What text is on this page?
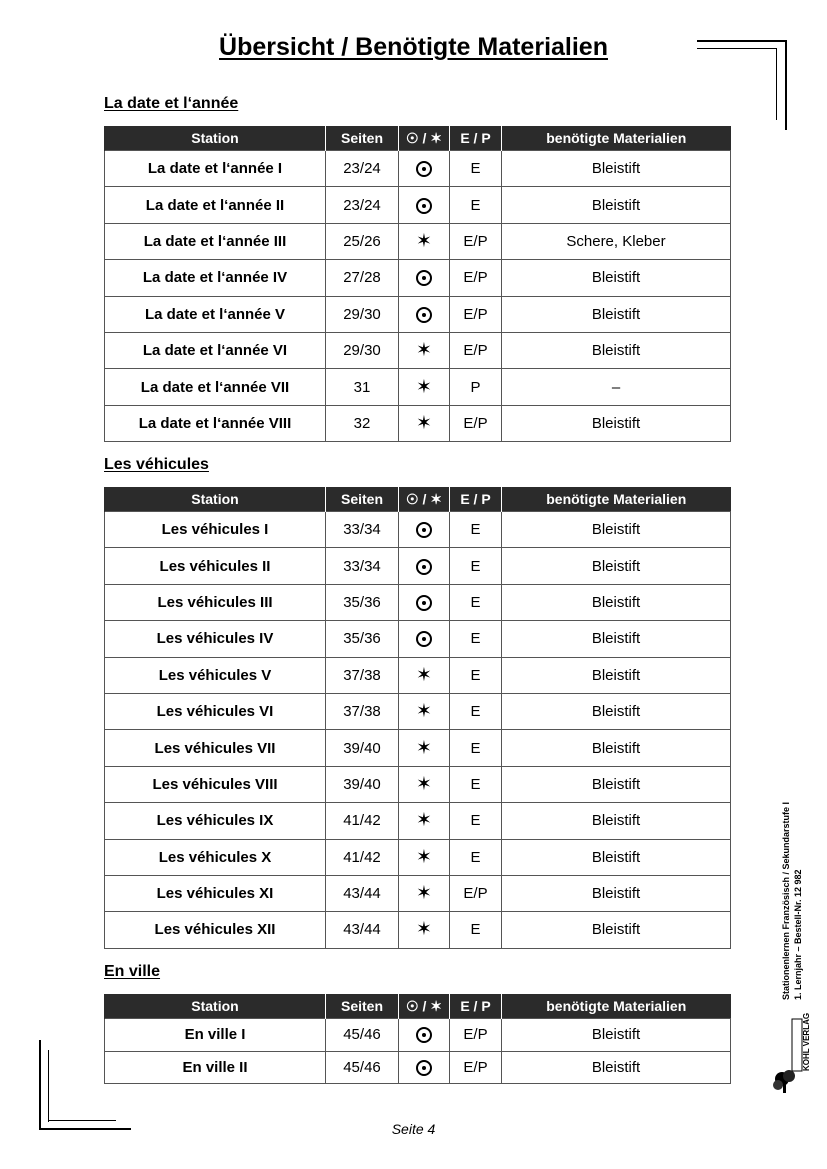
Übersicht / Benötigte Materialien
La date et l‘année
Station	Seiten	☉ / ✶	E / P	benötigte Materialien
La date et l‘année I	23/24		E	Bleistift
La date et l‘année II	23/24		E	Bleistift
La date et l‘année III	25/26	✶	E/P	Schere, Kleber
La date et l‘année IV	27/28		E/P	Bleistift
La date et l‘année V	29/30		E/P	Bleistift
La date et l‘année VI	29/30	✶	E/P	Bleistift
La date et l‘année VII	31	✶	P	–
La date et l‘année VIII	32	✶	E/P	Bleistift
Les véhicules
Station	Seiten	☉ / ✶	E / P	benötigte Materialien
Les véhicules I	33/34		E	Bleistift
Les véhicules II	33/34		E	Bleistift
Les véhicules III	35/36		E	Bleistift
Les véhicules IV	35/36		E	Bleistift
Les véhicules V	37/38	✶	E	Bleistift
Les véhicules VI	37/38	✶	E	Bleistift
Les véhicules VII	39/40	✶	E	Bleistift
Les véhicules VIII	39/40	✶	E	Bleistift
Les véhicules IX	41/42	✶	E	Bleistift
Les véhicules X	41/42	✶	E	Bleistift
Les véhicules XI	43/44	✶	E/P	Bleistift
Les véhicules XII	43/44	✶	E	Bleistift
En ville
Station	Seiten	☉ / ✶	E / P	benötigte Materialien
En ville I	45/46		E/P	Bleistift
En ville II	45/46		E/P	Bleistift
Stationenlernen Französisch / Sekundarstufe I 1. Lernjahr – Bestell-Nr. 12 982
KOHL VERLAG
Seite 4
